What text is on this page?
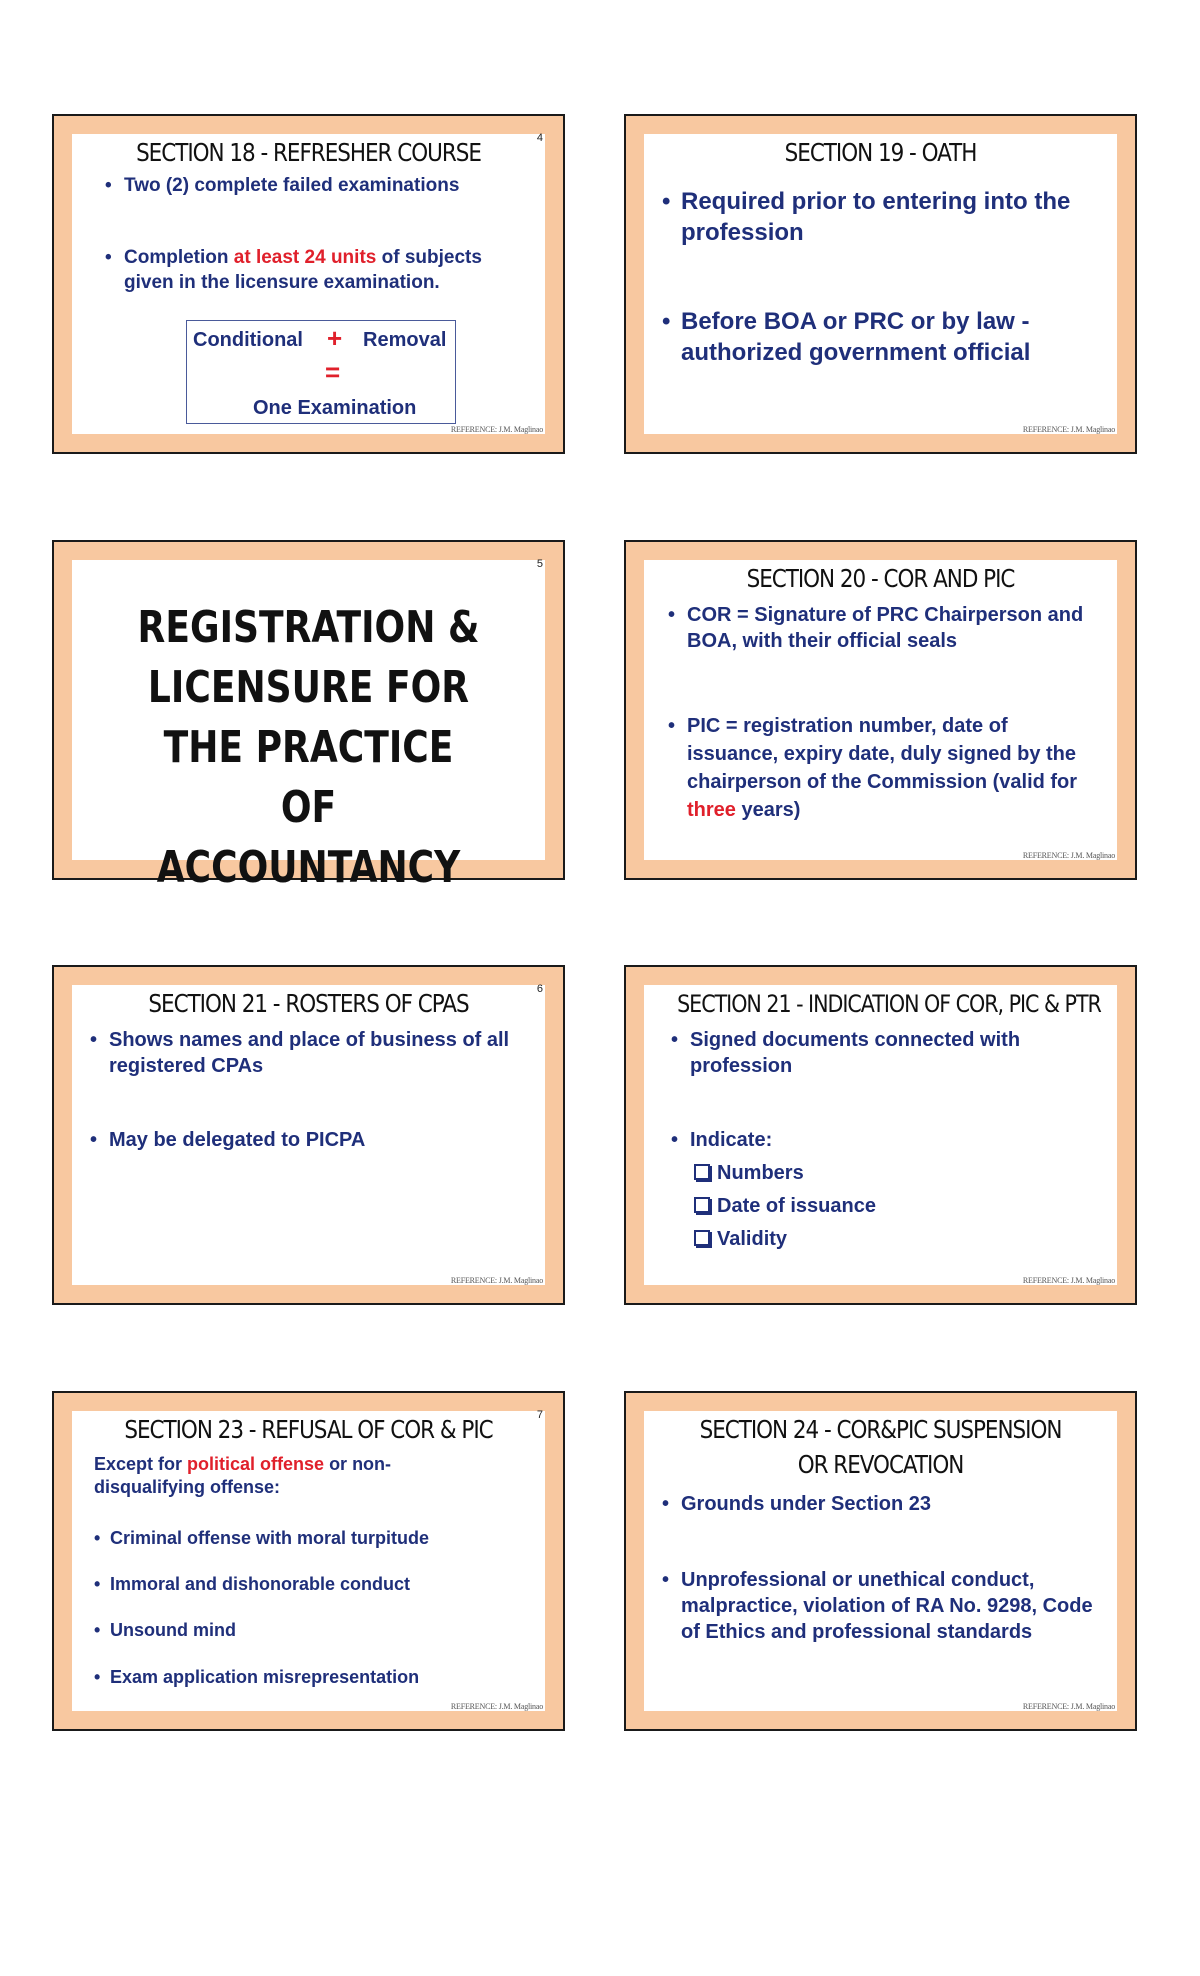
SECTION 18 - REFRESHER COURSE	4
• Two (2) complete failed examinations
• Completion at least 24 units of subjects given in the licensure examination.
Conditional + Removal
=
One Examination
REFERENCE: J.M. Maglinao
SECTION 19 - OATH
• Required prior to entering into the profession
• Before BOA or PRC or by law - authorized government official
REFERENCE: J.M. Maglinao
5
REGISTRATION & LICENSURE FOR THE PRACTICE OF ACCOUNTANCY
SECTION 20 - COR AND PIC
• COR = Signature of PRC Chairperson and BOA, with their official seals
• PIC = registration number, date of issuance, expiry date, duly signed by the chairperson of the Commission (valid for three years)
REFERENCE: J.M. Maglinao
SECTION 21 - ROSTERS OF CPAS	6
• Shows names and place of business of all registered CPAs
• May be delegated to PICPA
REFERENCE: J.M. Maglinao
SECTION 21 - INDICATION OF COR, PIC & PTR
• Signed documents connected with profession
• Indicate:
Numbers
Date of issuance
Validity
REFERENCE: J.M. Maglinao
SECTION 23 - REFUSAL OF COR & PIC	7
Except for political offense or non-disqualifying offense:
• Criminal offense with moral turpitude
• Immoral and dishonorable conduct
• Unsound mind
• Exam application misrepresentation
REFERENCE: J.M. Maglinao
SECTION 24 - COR&PIC SUSPENSION
OR REVOCATION
• Grounds under Section 23
• Unprofessional or unethical conduct, malpractice, violation of RA No. 9298, Code of Ethics and professional standards
REFERENCE: J.M. Maglinao
